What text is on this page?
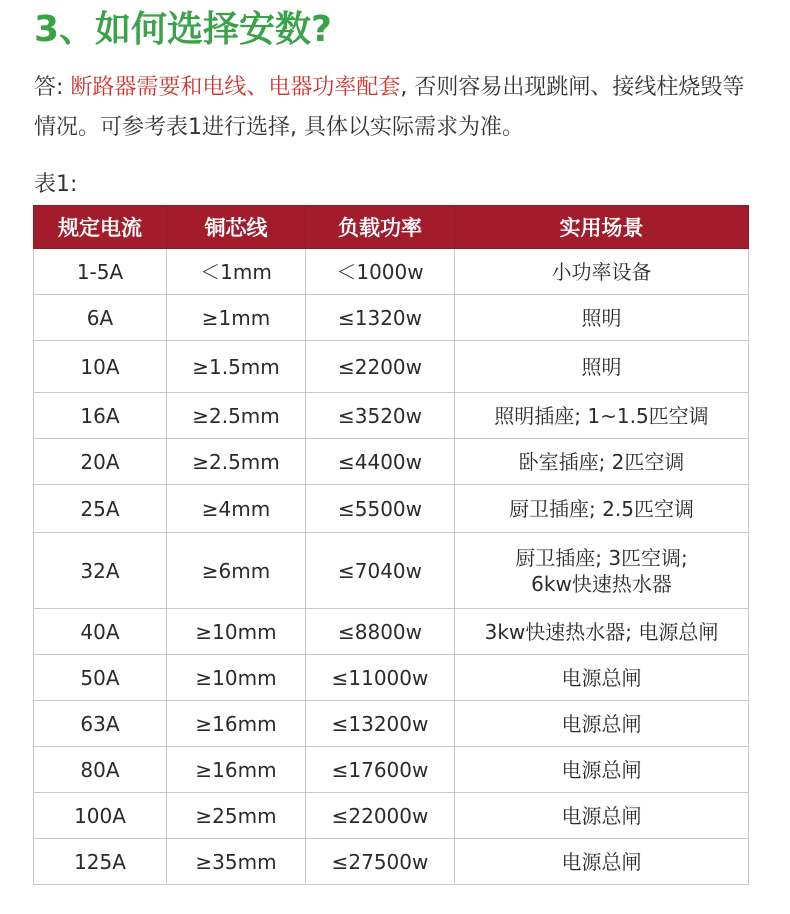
3、如何选择安数?
答: 断路器需要和电线、电器功率配套, 否则容易出现跳闸、接线柱烧毁等情况。可参考表1进行选择, 具体以实际需求为准。
表1:
规定电流	铜芯线	负载功率	实用场景
1-5A	＜1mm	＜1000w	小功率设备
6A	≥1mm	≤1320w	照明
10A	≥1.5mm	≤2200w	照明
16A	≥2.5mm	≤3520w	照明插座; 1~1.5匹空调
20A	≥2.5mm	≤4400w	卧室插座; 2匹空调
25A	≥4mm	≤5500w	厨卫插座; 2.5匹空调
32A	≥6mm	≤7040w	厨卫插座; 3匹空调;
6kw快速热水器
40A	≥10mm	≤8800w	3kw快速热水器; 电源总闸
50A	≥10mm	≤11000w	电源总闸
63A	≥16mm	≤13200w	电源总闸
80A	≥16mm	≤17600w	电源总闸
100A	≥25mm	≤22000w	电源总闸
125A	≥35mm	≤27500w	电源总闸
